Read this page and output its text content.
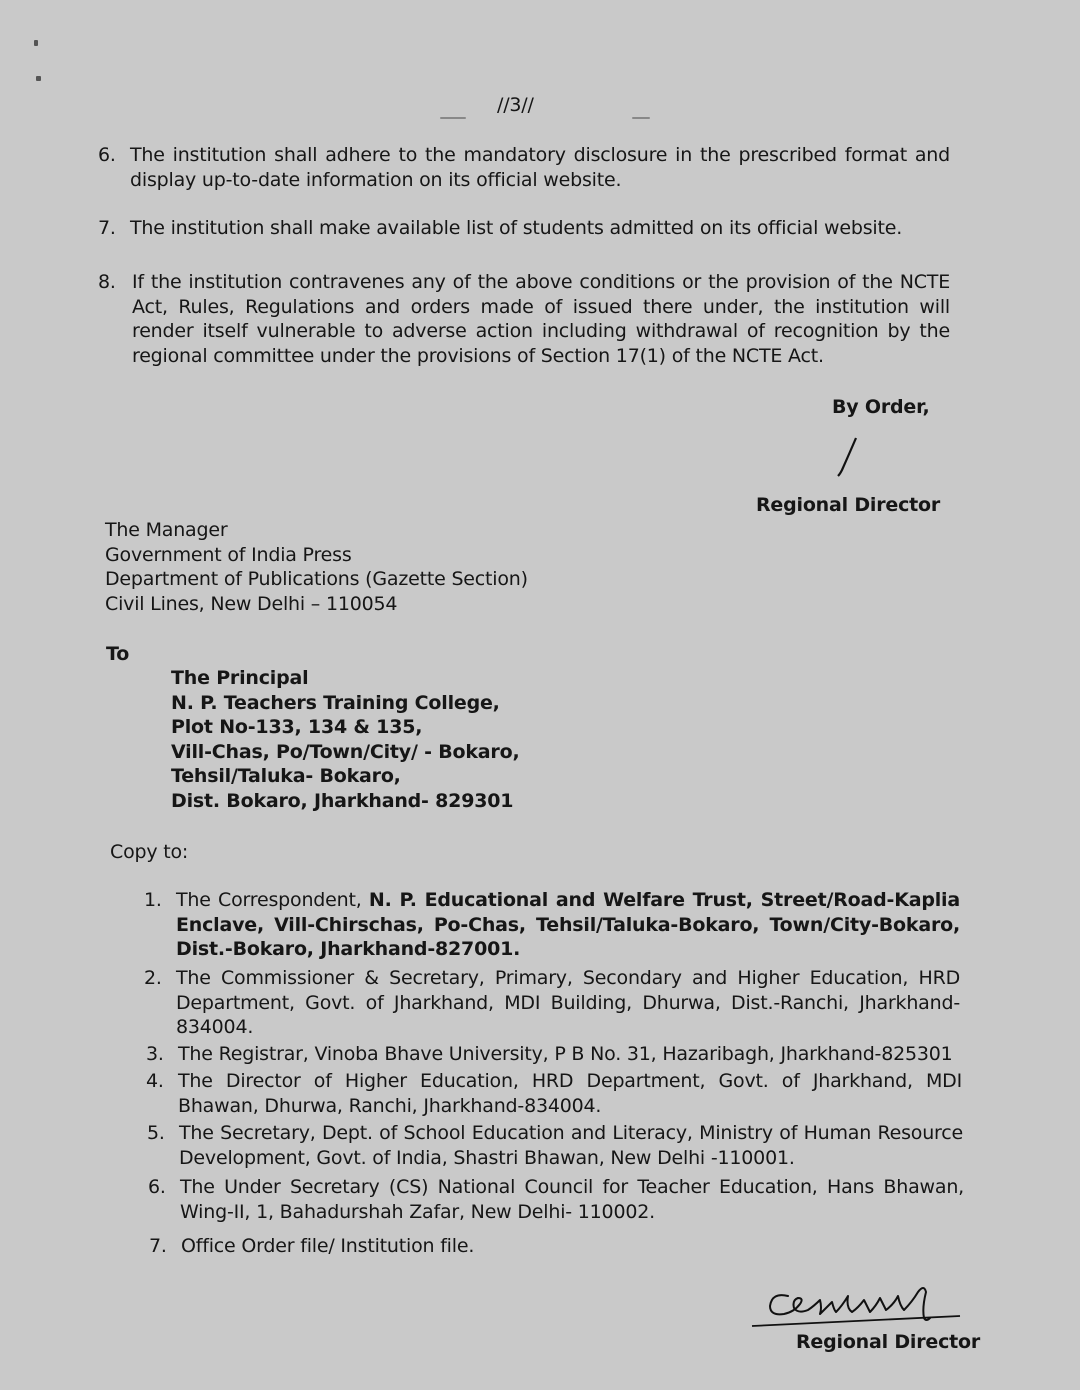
//3//
6. The institution shall adhere to the mandatory disclosure in the prescribed format and display up-to-date information on its official website.
7. The institution shall make available list of students admitted on its official website.
8. If the institution contravenes any of the above conditions or the provision of the NCTE Act, Rules, Regulations and orders made of issued there under, the institution will render itself vulnerable to adverse action including withdrawal of recognition by the regional committee under the provisions of Section 17(1) of the NCTE Act.
By Order,
Regional Director
The Manager
Government of India Press
Department of Publications (Gazette Section)
Civil Lines, New Delhi – 110054
To
The Principal
N. P. Teachers Training College,
Plot No-133, 134 & 135,
Vill-Chas, Po/Town/City/ - Bokaro,
Tehsil/Taluka- Bokaro,
Dist. Bokaro, Jharkhand- 829301
Copy to:
1. The Correspondent, N. P. Educational and Welfare Trust, Street/Road-Kaplia Enclave, Vill-Chirschas, Po-Chas, Tehsil/Taluka-Bokaro, Town/City-Bokaro, Dist.-Bokaro, Jharkhand-827001.
2. The Commissioner & Secretary, Primary, Secondary and Higher Education, HRD Department, Govt. of Jharkhand, MDI Building, Dhurwa, Dist.-Ranchi, Jharkhand-834004.
3. The Registrar, Vinoba Bhave University, P B No. 31, Hazaribagh, Jharkhand-825301
4. The Director of Higher Education, HRD Department, Govt. of Jharkhand, MDI Bhawan, Dhurwa, Ranchi, Jharkhand-834004.
5. The Secretary, Dept. of School Education and Literacy, Ministry of Human Resource Development, Govt. of India, Shastri Bhawan, New Delhi -110001.
6. The Under Secretary (CS) National Council for Teacher Education, Hans Bhawan, Wing-II, 1, Bahadurshah Zafar, New Delhi- 110002.
7. Office Order file/ Institution file.
Regional Director
